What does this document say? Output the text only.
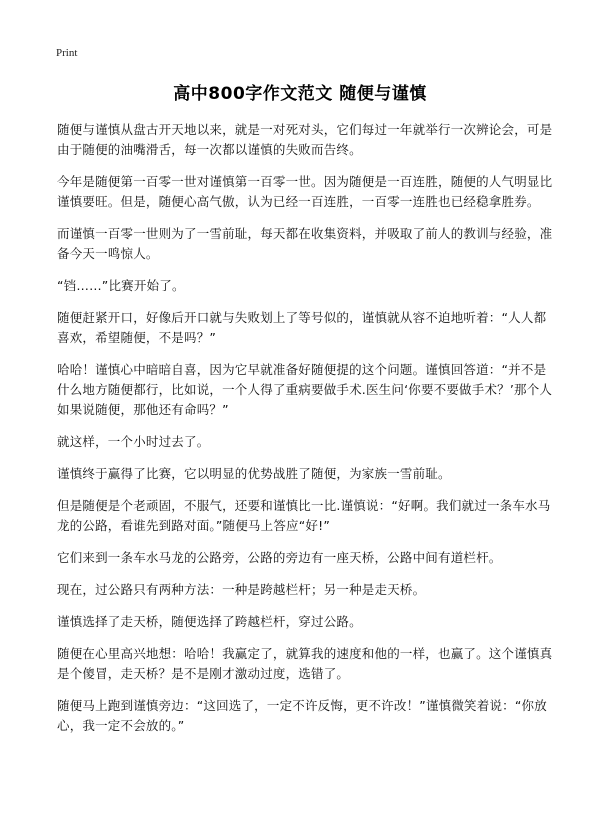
Print
高中800字作文范文 随便与谨慎

随便与谨慎从盘古开天地以来，就是一对死对头，它们每过一年就举行一次辨论会，可是由于随便的油嘴滑舌，每一次都以谨慎的失败而告终。

今年是随便第一百零一世对谨慎第一百零一世。因为随便是一百连胜，随便的人气明显比谨慎要旺。但是，随便心高气傲，认为已经一百连胜，一百零一连胜也已经稳拿胜券。

而谨慎一百零一世则为了一雪前耻，每天都在收集资料，并吸取了前人的教训与经验，准备今天一鸣惊人。

“铛……”比赛开始了。

随便赶紧开口，好像后开口就与失败划上了等号似的，谨慎就从容不迫地听着：“人人都喜欢，希望随便，不是吗？”

哈哈！谨慎心中暗暗自喜，因为它早就准备好随便提的这个问题。谨慎回答道：“并不是什么地方随便都行，比如说，一个人得了重病要做手术.医生问‘你要不要做手术？’那个人如果说随便，那他还有命吗？”

就这样，一个小时过去了。

谨慎终于赢得了比赛，它以明显的优势战胜了随便，为家族一雪前耻。

但是随便是个老顽固，不服气，还要和谨慎比一比.谨慎说：“好啊。我们就过一条车水马龙的公路，看谁先到路对面。”随便马上答应“好!”

它们来到一条车水马龙的公路旁，公路的旁边有一座天桥，公路中间有道栏杆。

现在，过公路只有两种方法：一种是跨越栏杆；另一种是走天桥。

谨慎选择了走天桥，随便选择了跨越栏杆，穿过公路。

随便在心里高兴地想：哈哈！我赢定了，就算我的速度和他的一样，也赢了。这个谨慎真是个傻冒，走天桥？是不是刚才激动过度，选错了。

随便马上跑到谨慎旁边：“这回选了，一定不许反悔，更不许改！”谨慎微笑着说：“你放心，我一定不会放的。”
